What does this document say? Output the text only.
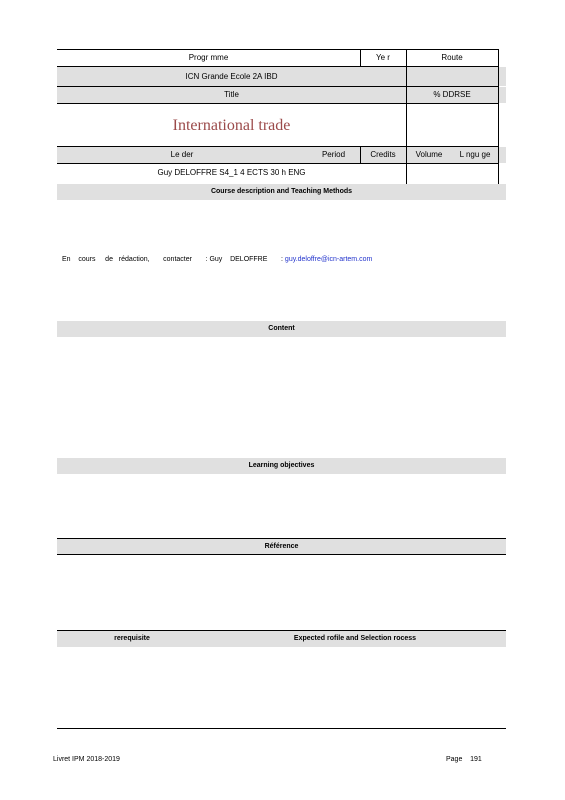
Progr mme	Ye r	Route
ICN Grande Ecole 2A IBD
Title	% DDRSE
International trade
Le der	Period	Credits	Volume	L ngu ge
Guy DELOFFRE S4_1 4 ECTS 30 h ENG
Course description and Teaching Methods
En    cours     de   rédaction,       contacter       : Guy    DELOFFRE       : guy.deloffre@icn-artem.com
Content
Learning objectives
Référence
rerequisite	Expected rofile and Selection rocess
Livret IPM 2018-2019	Page 191
